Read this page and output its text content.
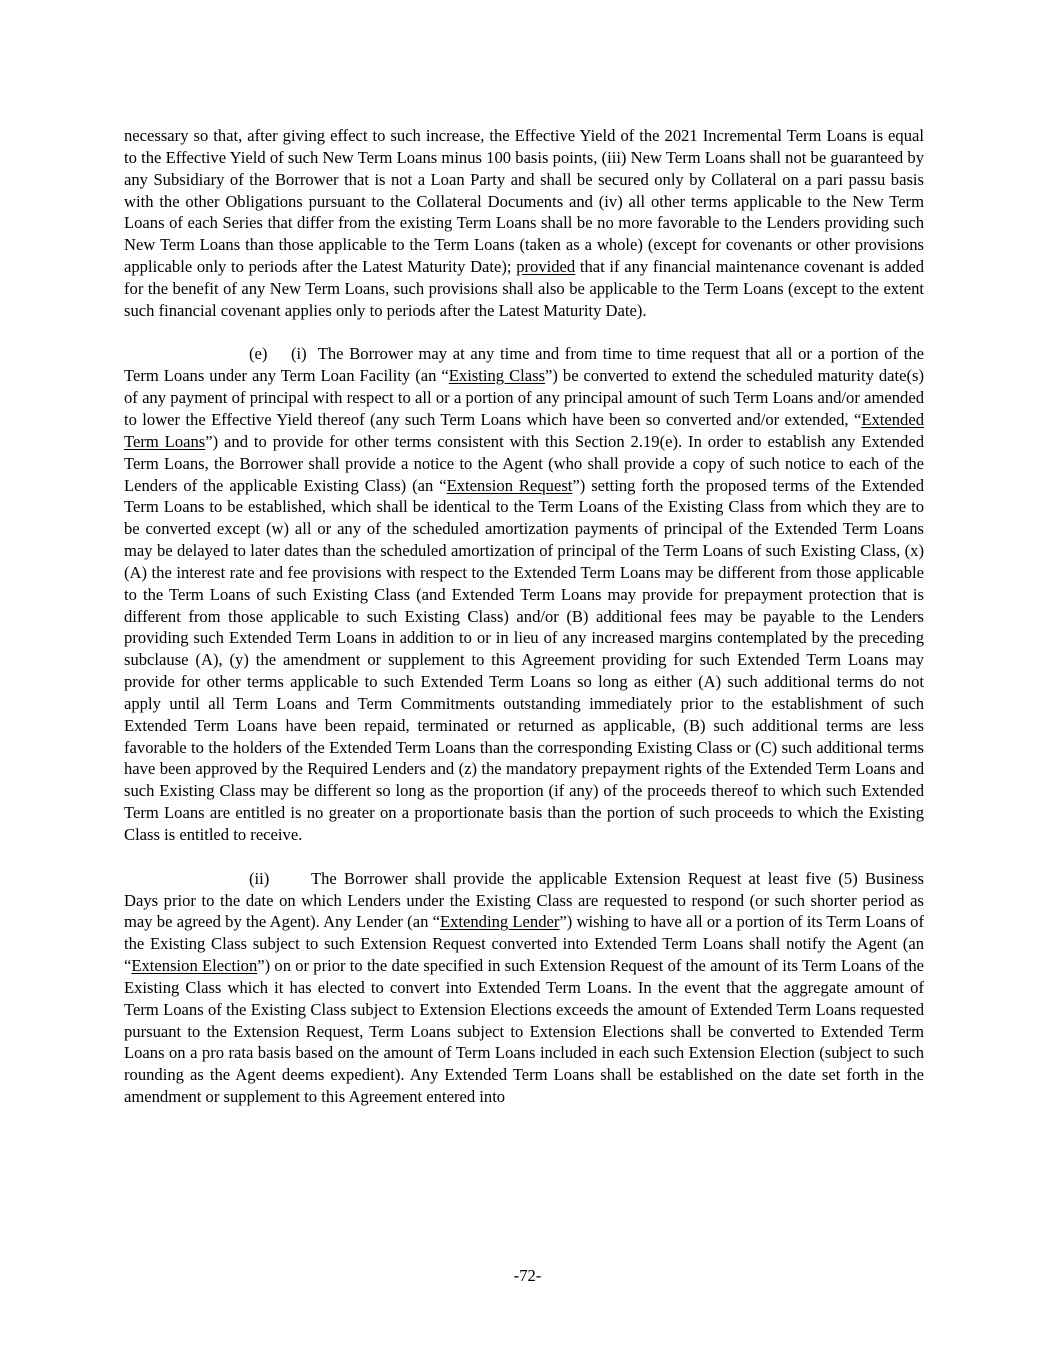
necessary so that, after giving effect to such increase, the Effective Yield of the 2021 Incremental Term Loans is equal to the Effective Yield of such New Term Loans minus 100 basis points, (iii) New Term Loans shall not be guaranteed by any Subsidiary of the Borrower that is not a Loan Party and shall be secured only by Collateral on a pari passu basis with the other Obligations pursuant to the Collateral Documents and (iv) all other terms applicable to the New Term Loans of each Series that differ from the existing Term Loans shall be no more favorable to the Lenders providing such New Term Loans than those applicable to the Term Loans (taken as a whole) (except for covenants or other provisions applicable only to periods after the Latest Maturity Date); provided that if any financial maintenance covenant is added for the benefit of any New Term Loans, such provisions shall also be applicable to the Term Loans (except to the extent such financial covenant applies only to periods after the Latest Maturity Date).

(e) (i) The Borrower may at any time and from time to time request that all or a portion of the Term Loans under any Term Loan Facility (an “Existing Class”) be converted to extend the scheduled maturity date(s) of any payment of principal with respect to all or a portion of any principal amount of such Term Loans and/or amended to lower the Effective Yield thereof (any such Term Loans which have been so converted and/or extended, “Extended Term Loans”) and to provide for other terms consistent with this Section 2.19(e). In order to establish any Extended Term Loans, the Borrower shall provide a notice to the Agent (who shall provide a copy of such notice to each of the Lenders of the applicable Existing Class) (an “Extension Request”) setting forth the proposed terms of the Extended Term Loans to be established, which shall be identical to the Term Loans of the Existing Class from which they are to be converted except (w) all or any of the scheduled amortization payments of principal of the Extended Term Loans may be delayed to later dates than the scheduled amortization of principal of the Term Loans of such Existing Class, (x) (A) the interest rate and fee provisions with respect to the Extended Term Loans may be different from those applicable to the Term Loans of such Existing Class (and Extended Term Loans may provide for prepayment protection that is different from those applicable to such Existing Class) and/or (B) additional fees may be payable to the Lenders providing such Extended Term Loans in addition to or in lieu of any increased margins contemplated by the preceding subclause (A), (y) the amendment or supplement to this Agreement providing for such Extended Term Loans may provide for other terms applicable to such Extended Term Loans so long as either (A) such additional terms do not apply until all Term Loans and Term Commitments outstanding immediately prior to the establishment of such Extended Term Loans have been repaid, terminated or returned as applicable, (B) such additional terms are less favorable to the holders of the Extended Term Loans than the corresponding Existing Class or (C) such additional terms have been approved by the Required Lenders and (z) the mandatory prepayment rights of the Extended Term Loans and such Existing Class may be different so long as the proportion (if any) of the proceeds thereof to which such Extended Term Loans are entitled is no greater on a proportionate basis than the portion of such proceeds to which the Existing Class is entitled to receive.

(ii)	The Borrower shall provide the applicable Extension Request at least five (5) Business Days prior to the date on which Lenders under the Existing Class are requested to respond (or such shorter period as may be agreed by the Agent). Any Lender (an “Extending Lender”) wishing to have all or a portion of its Term Loans of the Existing Class subject to such Extension Request converted into Extended Term Loans shall notify the Agent (an “Extension Election”) on or prior to the date specified in such Extension Request of the amount of its Term Loans of the Existing Class which it has elected to convert into Extended Term Loans. In the event that the aggregate amount of Term Loans of the Existing Class subject to Extension Elections exceeds the amount of Extended Term Loans requested pursuant to the Extension Request, Term Loans subject to Extension Elections shall be converted to Extended Term Loans on a pro rata basis based on the amount of Term Loans included in each such Extension Election (subject to such rounding as the Agent deems expedient). Any Extended Term Loans shall be established on the date set forth in the amendment or supplement to this Agreement entered into

-72-
